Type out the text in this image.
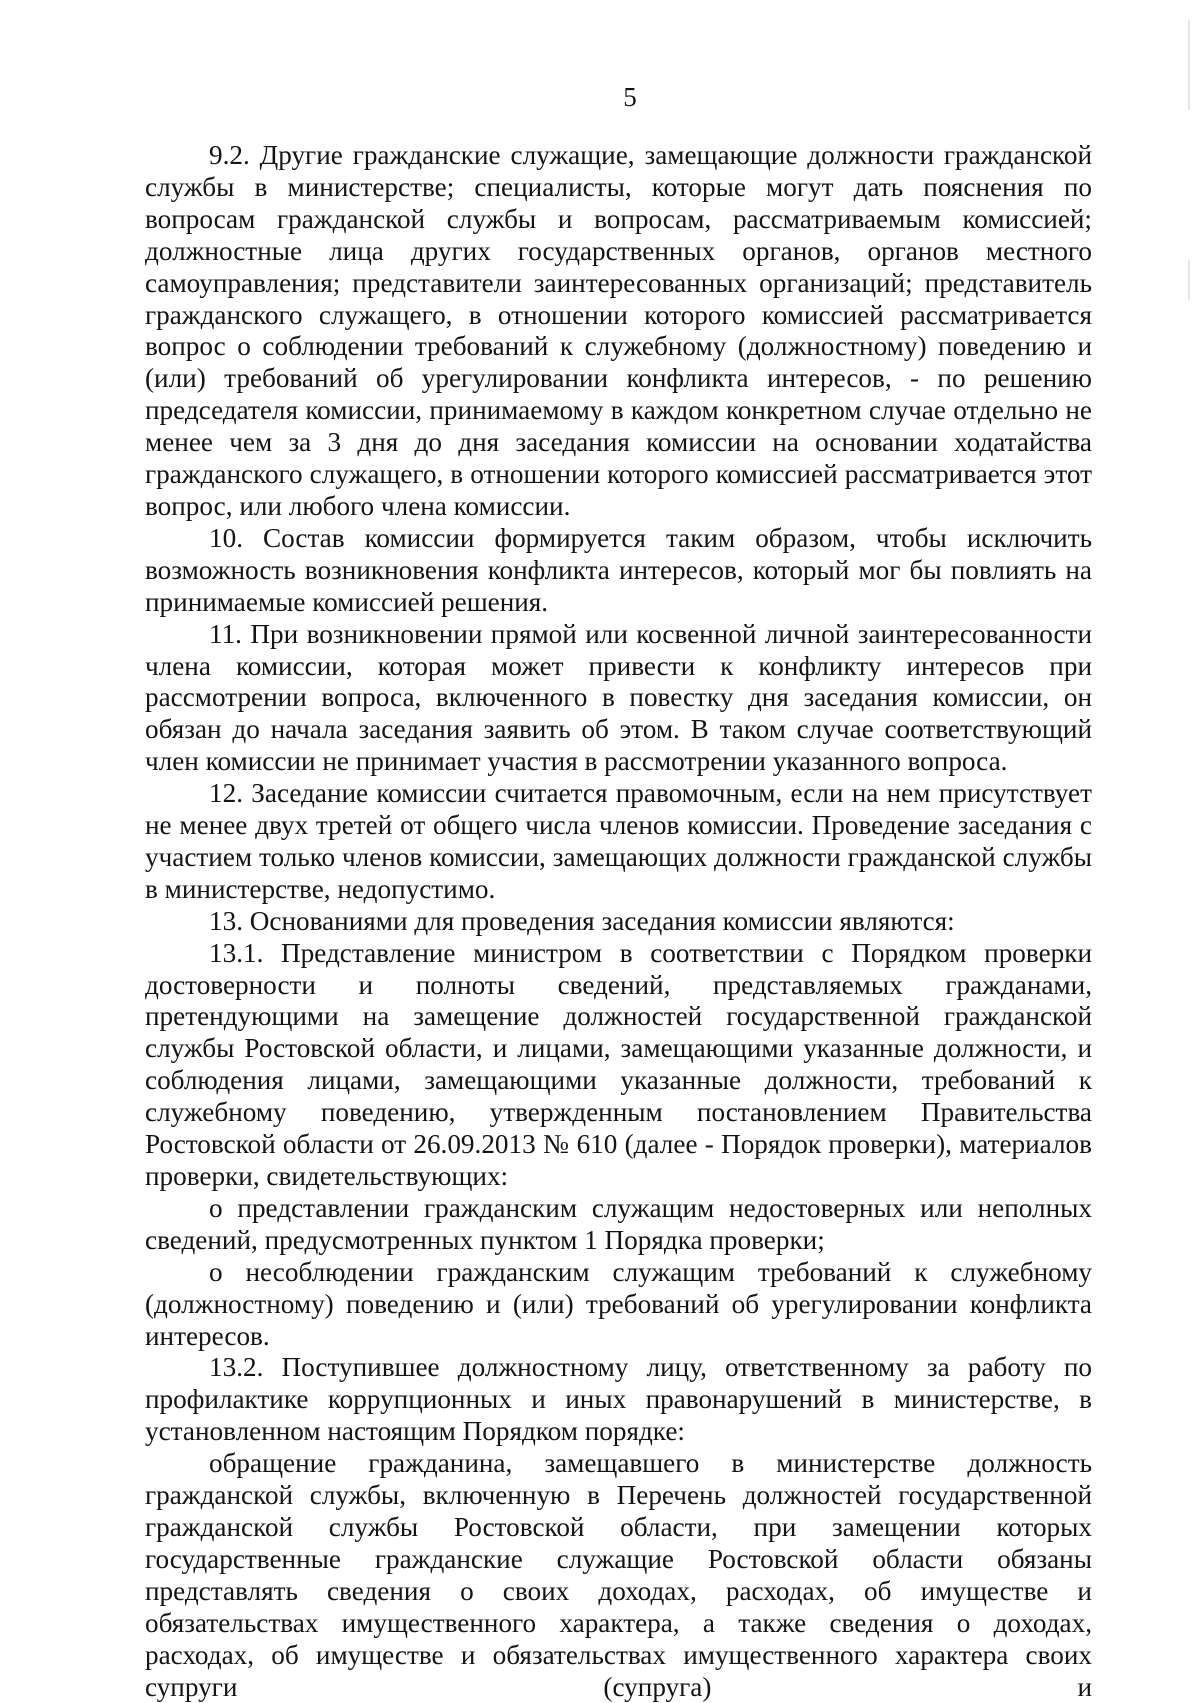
5

9.2. Другие гражданские служащие, замещающие должности гражданской службы в министерстве; специалисты, которые могут дать пояснения по вопросам гражданской службы и вопросам, рассматриваемым комиссией; должностные лица других государственных органов, органов местного самоуправления; представители заинтересованных организаций; представитель гражданского служащего, в отношении которого комиссией рассматривается вопрос о соблюдении требований к служебному (должностному) поведению и (или) требований об урегулировании конфликта интересов, - по решению председателя комиссии, принимаемому в каждом конкретном случае отдельно не менее чем за 3 дня до дня заседания комиссии на основании ходатайства гражданского служащего, в отношении которого комиссией рассматривается этот вопрос, или любого члена комиссии.

10. Состав комиссии формируется таким образом, чтобы исключить возможность возникновения конфликта интересов, который мог бы повлиять на принимаемые комиссией решения.

11. При возникновении прямой или косвенной личной заинтересованности члена комиссии, которая может привести к конфликту интересов при рассмотрении вопроса, включенного в повестку дня заседания комиссии, он обязан до начала заседания заявить об этом. В таком случае соответствующий член комиссии не принимает участия в рассмотрении указанного вопроса.

12. Заседание комиссии считается правомочным, если на нем присутствует не менее двух третей от общего числа членов комиссии. Проведение заседания с участием только членов комиссии, замещающих должности гражданской службы в министерстве, недопустимо.

13. Основаниями для проведения заседания комиссии являются:

13.1. Представление министром в соответствии с Порядком проверки достоверности и полноты сведений, представляемых гражданами, претендующими на замещение должностей государственной гражданской службы Ростовской области, и лицами, замещающими указанные должности, и соблюдения лицами, замещающими указанные должности, требований к служебному поведению, утвержденным постановлением Правительства Ростовской области от 26.09.2013 № 610 (далее - Порядок проверки), материалов проверки, свидетельствующих:

о представлении гражданским служащим недостоверных или неполных сведений, предусмотренных пунктом 1 Порядка проверки;

о несоблюдении гражданским служащим требований к служебному (должностному) поведению и (или) требований об урегулировании конфликта интересов.

13.2. Поступившее должностному лицу, ответственному за работу по профилактике коррупционных и иных правонарушений в министерстве, в установленном настоящим Порядком порядке:

обращение гражданина, замещавшего в министерстве должность гражданской службы, включенную в Перечень должностей государственной гражданской службы Ростовской области, при замещении которых государственные гражданские служащие Ростовской области обязаны представлять сведения о своих доходах, расходах, об имуществе и обязательствах имущественного характера, а также сведения о доходах, расходах, об имуществе и обязательствах имущественного характера своих супруги (супруга) и
